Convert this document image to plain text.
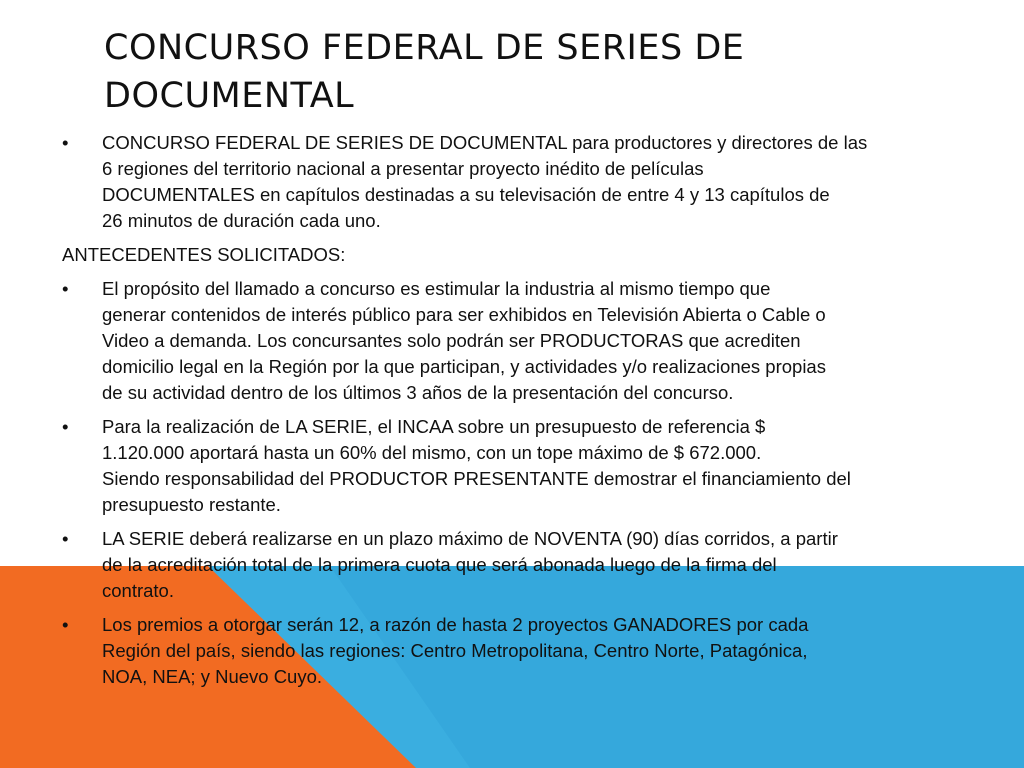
CONCURSO FEDERAL DE SERIES DE
DOCUMENTAL
•	CONCURSO FEDERAL DE SERIES DE DOCUMENTAL para productores y directores de las
6 regiones del territorio nacional a presentar proyecto inédito de películas
DOCUMENTALES en capítulos destinadas a su televisación de entre 4 y 13 capítulos de
26 minutos de duración cada uno.
ANTECEDENTES SOLICITADOS:
•	El propósito del llamado a concurso es estimular la industria al mismo tiempo que
generar contenidos de interés público para ser exhibidos en Televisión Abierta o Cable o
Video a demanda. Los concursantes solo podrán ser PRODUCTORAS que acrediten
domicilio legal en la Región por la que participan, y actividades y/o realizaciones propias
de su actividad dentro de los últimos 3 años de la presentación del concurso.
•	Para la realización de LA SERIE, el INCAA sobre un presupuesto de referencia $
1.120.000 aportará hasta un 60% del mismo, con un tope máximo de $ 672.000.
Siendo responsabilidad del PRODUCTOR PRESENTANTE demostrar el financiamiento del
presupuesto restante.
•	LA SERIE deberá realizarse en un plazo máximo de NOVENTA (90) días corridos, a partir
de la acreditación total de la primera cuota que será abonada luego de la firma del
contrato.
•	Los premios a otorgar serán 12, a razón de hasta 2 proyectos GANADORES por cada
Región del país, siendo las regiones: Centro Metropolitana, Centro Norte, Patagónica,
NOA, NEA; y Nuevo Cuyo.
